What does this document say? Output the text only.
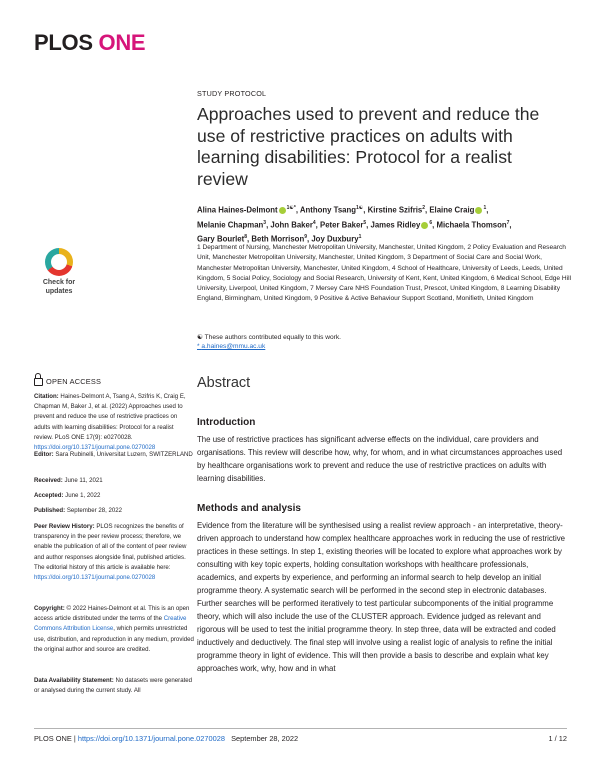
PLOS ONE
STUDY PROTOCOL
Approaches used to prevent and reduce the use of restrictive practices on adults with learning disabilities: Protocol for a realist review
Alina Haines-Delmont $^{1☯*}$, Anthony Tsang$^{1☯}$, Kirstine Szifris$^2$, Elaine Craig $^1$,
Melanie Chapman$^3$, John Baker$^4$, Peter Baker$^5$, James Ridley $^6$, Michaela Thomson$^7$,
Gary Bourlet$^8$, Beth Morrison$^9$, Joy Duxbury$^1$
1 Department of Nursing, Manchester Metropolitan University, Manchester, United Kingdom, 2 Policy Evaluation and Research Unit, Manchester Metropolitan University, Manchester, United Kingdom, 3 Department of Social Care and Social Work, Manchester Metropolitan University, Manchester, United Kingdom, 4 School of Healthcare, University of Leeds, Leeds, United Kingdom, 5 Social Policy, Sociology and Social Research, University of Kent, Kent, United Kingdom, 6 Medical School, Edge Hill University, Liverpool, United Kingdom, 7 Mersey Care NHS Foundation Trust, Prescot, United Kingdom, 8 Learning Disability England, Birmingham, United Kingdom, 9 Positive & Active Behaviour Support Scotland, Monifieth, United Kingdom
☯ These authors contributed equally to this work.
* a.haines@mmu.ac.uk
Abstract
Introduction
The use of restrictive practices has significant adverse effects on the individual, care providers and organisations. This review will describe how, why, for whom, and in what circumstances approaches used by healthcare organisations work to prevent and reduce the use of restrictive practices on adults with learning disabilities.
Methods and analysis
Evidence from the literature will be synthesised using a realist review approach - an interpretative, theory-driven approach to understand how complex healthcare approaches work in reducing the use of restrictive practices in these settings. In step 1, existing theories will be located to explore what approaches work by consulting with key topic experts, holding consultation workshops with healthcare professionals, academics, and experts by experience, and performing an informal search to help develop an initial programme theory. A systematic search will be performed in the second step in electronic databases. Further searches will be performed iteratively to test particular subcomponents of the initial programme theory, which will also include the use of the CLUSTER approach. Evidence judged as relevant and rigorous will be used to test the initial programme theory. In step three, data will be extracted and coded inductively and deductively. The final step will involve using a realist logic of analysis to refine the initial programme theory in light of evidence. This will then provide a basis to describe and explain what key approaches work, why, how and in what
Check for
updates
OPEN ACCESS
Citation: Haines-Delmont A, Tsang A, Szifris K, Craig E, Chapman M, Baker J, et al. (2022) Approaches used to prevent and reduce the use of restrictive practices on adults with learning disabilities: Protocol for a realist review. PLoS ONE 17(9): e0270028. https://doi.org/10.1371/journal.pone.0270028
Editor: Sara Rubinelli, Universitat Luzern, SWITZERLAND
Received: June 11, 2021
Accepted: June 1, 2022
Published: September 28, 2022
Peer Review History: PLOS recognizes the benefits of transparency in the peer review process; therefore, we enable the publication of all of the content of peer review and author responses alongside final, published articles. The editorial history of this article is available here: https://doi.org/10.1371/journal.pone.0270028
Copyright: © 2022 Haines-Delmont et al. This is an open access article distributed under the terms of the Creative Commons Attribution License, which permits unrestricted use, distribution, and reproduction in any medium, provided the original author and source are credited.
Data Availability Statement: No datasets were generated or analysed during the current study. All
PLOS ONE | https://doi.org/10.1371/journal.pone.0270028 September 28, 2022	1 / 12
